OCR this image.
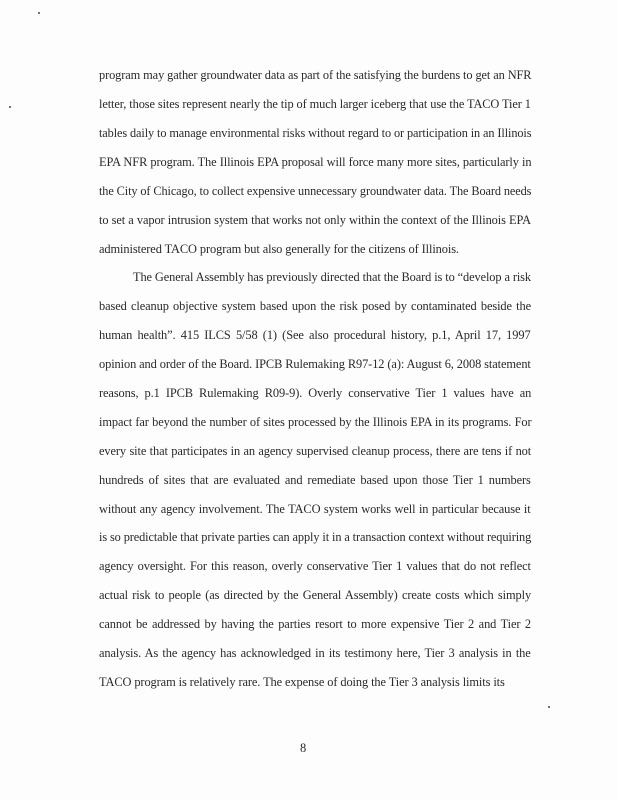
program may gather groundwater data as part of the satisfying the burdens to get an NFR
letter, those sites represent nearly the tip of much larger iceberg that use the TACO Tier 1
tables daily to manage environmental risks without regard to or participation in an Illinois
EPA NFR program. The Illinois EPA proposal will force many more sites, particularly in
the City of Chicago, to collect expensive unnecessary groundwater data. The Board needs
to set a vapor intrusion system that works not only within the context of the Illinois EPA
administered TACO program but also generally for the citizens of Illinois.
The General Assembly has previously directed that the Board is to “develop a risk
based cleanup objective system based upon the risk posed by contaminated beside the
human health”. 415 ILCS 5/58 (1) (See also procedural history, p.1, April 17, 1997
opinion and order of the Board. IPCB Rulemaking R97-12 (a): August 6, 2008 statement
reasons, p.1 IPCB Rulemaking R09-9). Overly conservative Tier 1 values have an
impact far beyond the number of sites processed by the Illinois EPA in its programs. For
every site that participates in an agency supervised cleanup process, there are tens if not
hundreds of sites that are evaluated and remediate based upon those Tier 1 numbers
without any agency involvement. The TACO system works well in particular because it
is so predictable that private parties can apply it in a transaction context without requiring
agency oversight. For this reason, overly conservative Tier 1 values that do not reflect
actual risk to people (as directed by the General Assembly) create costs which simply
cannot be addressed by having the parties resort to more expensive Tier 2 and Tier 2
analysis. As the agency has acknowledged in its testimony here, Tier 3 analysis in the
TACO program is relatively rare. The expense of doing the Tier 3 analysis limits its
8
